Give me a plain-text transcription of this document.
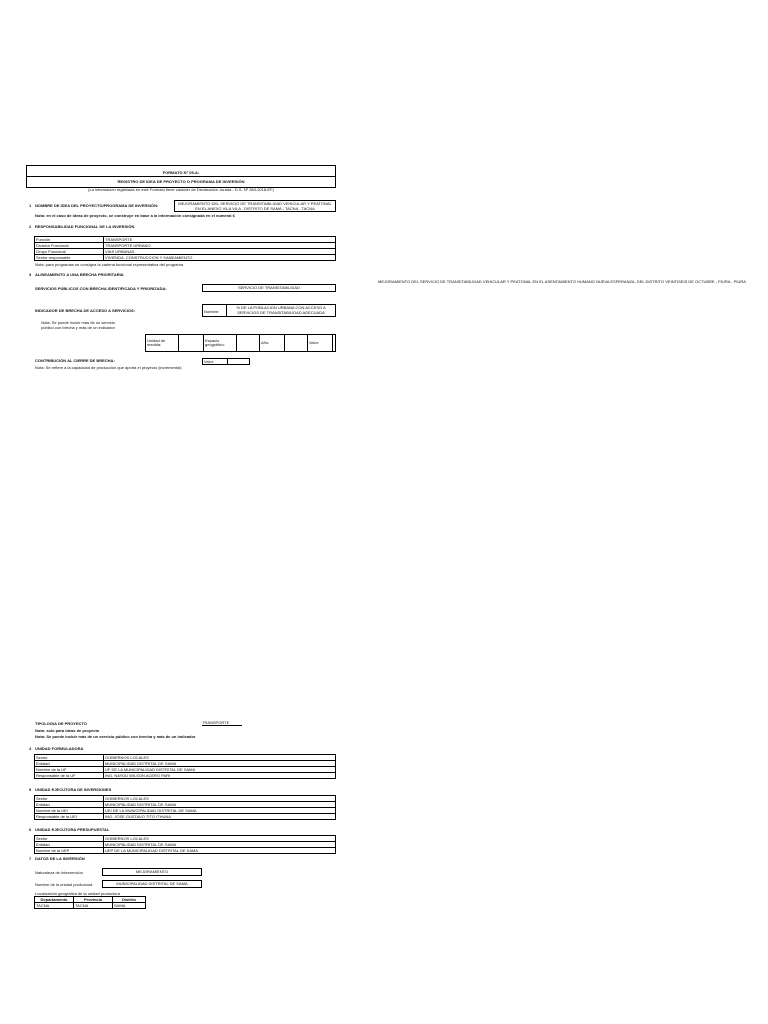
FORMATO N° 05-A:
REGISTRO DE IDEA DE PROYECTO O PROGRAMA DE INVERSIÓN
(La información registrada en este Formato tiene carácter de Declaración Jurada - D.S. Nº 284-2018-EF)
1 NOMBRE DE IDEA DEL PROYECTO/PROGRAMA DE INVERSIÓN:	MEJORAMIENTO DEL SERVICIO DE TRANSITABILIDAD VEHICULAR Y PEATONAL EN EL ANEXO VILA VILA , DISTRITO DE SAMA - TACNA - TACNA
Nota: en el caso de ideas de proyecto, se construye en base a la información consignada en el numeral 6
2 RESPONSABILIDAD FUNCIONAL DE LA INVERSIÓN
Función	TRANSPORTE
División Funcional	TRANSPORTE URBANO
Grupo Funcional	VIAS URBANAS
Sector responsable	VIVIENDA, CONSTRUCCION Y SANEAMIENTO
Nota: para programas se consigna la cadena funcional representativa del programa
3 ALINEAMIENTO A UNA BRECHA PRIORITARIA
SERVICIOS PÚBLICOS CON BRECHA IDENTIFICADA Y PRIORIZADA:	SERVICIO DE TRANSITABILIDAD
MEJORAMIENTO DEL SERVICIO DE TRANSITABILIDAD VEHICULAR Y PEATONAL EN EL ASENTAMIENTO HUMANO NUEVA ESPERANZA, DEL DISTRITO VEINTISEIS DE OCTUBRE - PIURA - PIURA
INDICADOR DE BRECHA DE ACCESO A SERVICIOS:	Nombre:
% DE LA POBLACION URBANA CON ACCESO A SERVICIOS DE TRANSITABILIDAD ADECUADA
Nota: Se puede incluir más de un servicio público con brecha y más de un indicador
Unidad de medida:		Espacio geográfico:		Año:		Valor:	
CONTRIBUCIÓN AL CIERRE DE BRECHA:	Valor:	
Nota: Se refiere a la capacidad de producción que aporta el proyecto (incremental)
TIPOLOGIA DE PROYECTO	TRANSPORTE
Nota: solo para ideas de proyecto
Nota: Se puede incluir más de un servicio público con brecha y más de un indicador
4 UNIDAD FORMULADORA
Sector	GOBIERNOS LOCALES
Entidad	MUNICIPALIDAD DISTRITAL DE SAMA
Nombre de la UF	UF DE LA MUNICIPALIDAD DISTRITAL DE SAMA
Responsable de la UF	ING. NAYDU WILSON ACERO PARI
5 UNIDAD EJECUTORA DE INVERSIONES
Sector	GOBIERNOS LOCALES
Entidad	MUNICIPALIDAD DISTRITAL DE SAMA
Nombre de la UEI	UEI DE LA MUNICIPALIDAD DISTRITAL DE SAMA
Responsable de la UEI	ING. JOSE GUSTAVO TITO ITHUNA
6 UNIDAD EJECUTORA PRESUPUESTAL
Sector	GOBIERNOS LOCALES
Entidad	MUNICIPALIDAD DISTRITAL DE SAMA
Nombre de la UEP	UEP DE LA MUNICIPALIDAD DISTRITAL DE SAMA
7 DATOS DE LA INVERSIÓN
Naturaleza de Intervención	MEJORAMIENTO
Nombre de la unidad productora	MUNICIPALIDAD DISTRITAL DE SAMA
Localización geográfica de la unidad productora
Departamento	Provincia	Distrito
TACNA	TACNA	SAMA
